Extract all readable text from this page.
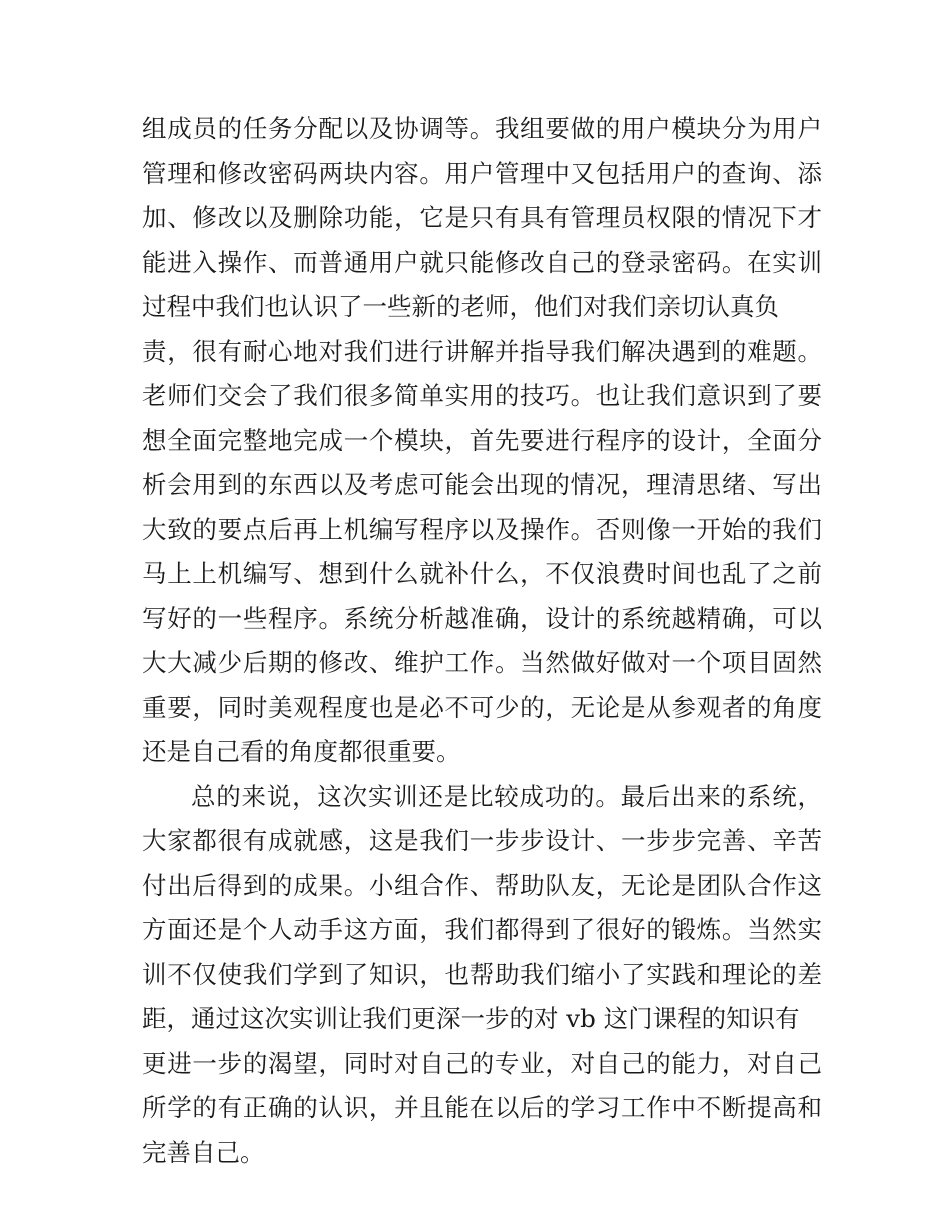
组成员的任务分配以及协调等。我组要做的用户模块分为用户
管理和修改密码两块内容。用户管理中又包括用户的查询、添
加、修改以及删除功能，它是只有具有管理员权限的情况下才
能进入操作、而普通用户就只能修改自己的登录密码。在实训
过程中我们也认识了一些新的老师，他们对我们亲切认真负
责，很有耐心地对我们进行讲解并指导我们解决遇到的难题。
老师们交会了我们很多简单实用的技巧。也让我们意识到了要
想全面完整地完成一个模块，首先要进行程序的设计，全面分
析会用到的东西以及考虑可能会出现的情况，理清思绪、写出
大致的要点后再上机编写程序以及操作。否则像一开始的我们
马上上机编写、想到什么就补什么，不仅浪费时间也乱了之前
写好的一些程序。系统分析越准确，设计的系统越精确，可以
大大减少后期的修改、维护工作。当然做好做对一个项目固然
重要，同时美观程度也是必不可少的，无论是从参观者的角度
还是自己看的角度都很重要。
总的来说，这次实训还是比较成功的。最后出来的系统，
大家都很有成就感，这是我们一步步设计、一步步完善、辛苦
付出后得到的成果。小组合作、帮助队友，无论是团队合作这
方面还是个人动手这方面，我们都得到了很好的锻炼。当然实
训不仅使我们学到了知识，也帮助我们缩小了实践和理论的差
距，通过这次实训让我们更深一步的对 vb 这门课程的知识有
更进一步的渴望，同时对自己的专业，对自己的能力，对自己
所学的有正确的认识，并且能在以后的学习工作中不断提高和
完善自己。
